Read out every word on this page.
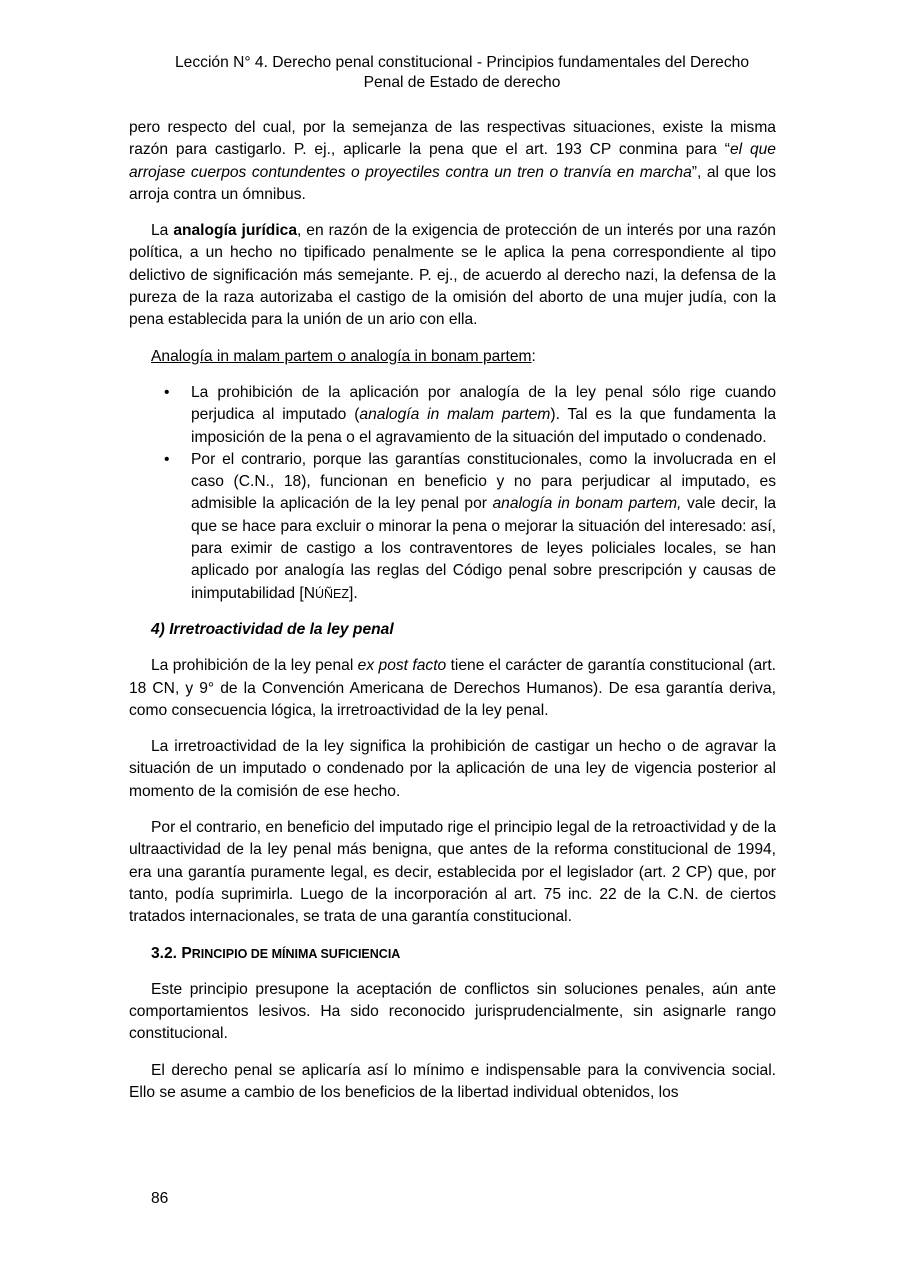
Lección N° 4. Derecho penal constitucional - Principios fundamentales del Derecho
Penal de Estado de derecho

pero respecto del cual, por la semejanza de las respectivas situaciones, existe la misma razón para castigarlo. P. ej., aplicarle la pena que el art. 193 CP conmina para “el que arrojase cuerpos contundentes o proyectiles contra un tren o tranvía en marcha”, al que los arroja contra un ómnibus.

La analogía jurídica, en razón de la exigencia de protección de un interés por una razón política, a un hecho no tipificado penalmente se le aplica la pena correspondiente al tipo delictivo de significación más semejante. P. ej., de acuerdo al derecho nazi, la defensa de la pureza de la raza autorizaba el castigo de la omisión del aborto de una mujer judía, con la pena establecida para la unión de un ario con ella.

Analogía in malam partem o analogía in bonam partem:

• La prohibición de la aplicación por analogía de la ley penal sólo rige cuando perjudica al imputado (analogía in malam partem). Tal es la que fundamenta la imposición de la pena o el agravamiento de la situación del imputado o condenado.
• Por el contrario, porque las garantías constitucionales, como la involucrada en el caso (C.N., 18), funcionan en beneficio y no para perjudicar al imputado, es admisible la aplicación de la ley penal por analogía in bonam partem, vale decir, la que se hace para excluir o minorar la pena o mejorar la situación del interesado: así, para eximir de castigo a los contraventores de leyes policiales locales, se han aplicado por analogía las reglas del Código penal sobre prescripción y causas de inimputabilidad [NÚÑEZ].

4) Irretroactividad de la ley penal

La prohibición de la ley penal ex post facto tiene el carácter de garantía constitucional (art. 18 CN, y 9° de la Convención Americana de Derechos Humanos). De esa garantía deriva, como consecuencia lógica, la irretroactividad de la ley penal.

La irretroactividad de la ley significa la prohibición de castigar un hecho o de agravar la situación de un imputado o condenado por la aplicación de una ley de vigencia posterior al momento de la comisión de ese hecho.

Por el contrario, en beneficio del imputado rige el principio legal de la retroactividad y de la ultraactividad de la ley penal más benigna, que antes de la reforma constitucional de 1994, era una garantía puramente legal, es decir, establecida por el legislador (art. 2 CP) que, por tanto, podía suprimirla. Luego de la incorporación al art. 75 inc. 22 de la C.N. de ciertos tratados internacionales, se trata de una garantía constitucional.

3.2. PRINCIPIO DE MÍNIMA SUFICIENCIA

Este principio presupone la aceptación de conflictos sin soluciones penales, aún ante comportamientos lesivos. Ha sido reconocido jurisprudencialmente, sin asignarle rango constitucional.

El derecho penal se aplicaría así lo mínimo e indispensable para la convivencia social. Ello se asume a cambio de los beneficios de la libertad individual obtenidos, los

86
